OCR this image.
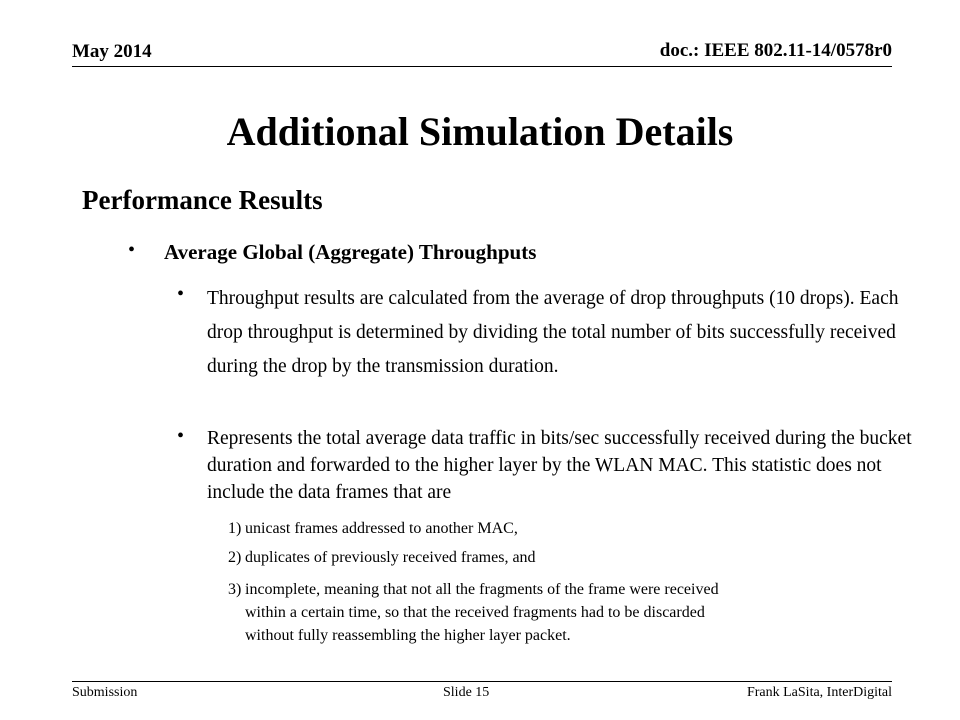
May 2014	doc.: IEEE 802.11-14/0578r0
Additional Simulation Details
Performance Results
• Average Global (Aggregate) Throughputs
• Throughput results are calculated from the average of drop throughputs (10 drops). Each drop throughput is determined by dividing the total number of bits successfully received during the drop by the transmission duration.
• Represents the total average data traffic in bits/sec successfully received during the bucket duration and forwarded to the higher layer by the WLAN MAC. This statistic does not include the data frames that are
1) unicast frames addressed to another MAC,
2) duplicates of previously received frames, and
3) incomplete, meaning that not all the fragments of the frame were received
within a certain time, so that the received fragments had to be discarded
without fully reassembling the higher layer packet.
Submission	Slide 15	Frank LaSita, InterDigital
